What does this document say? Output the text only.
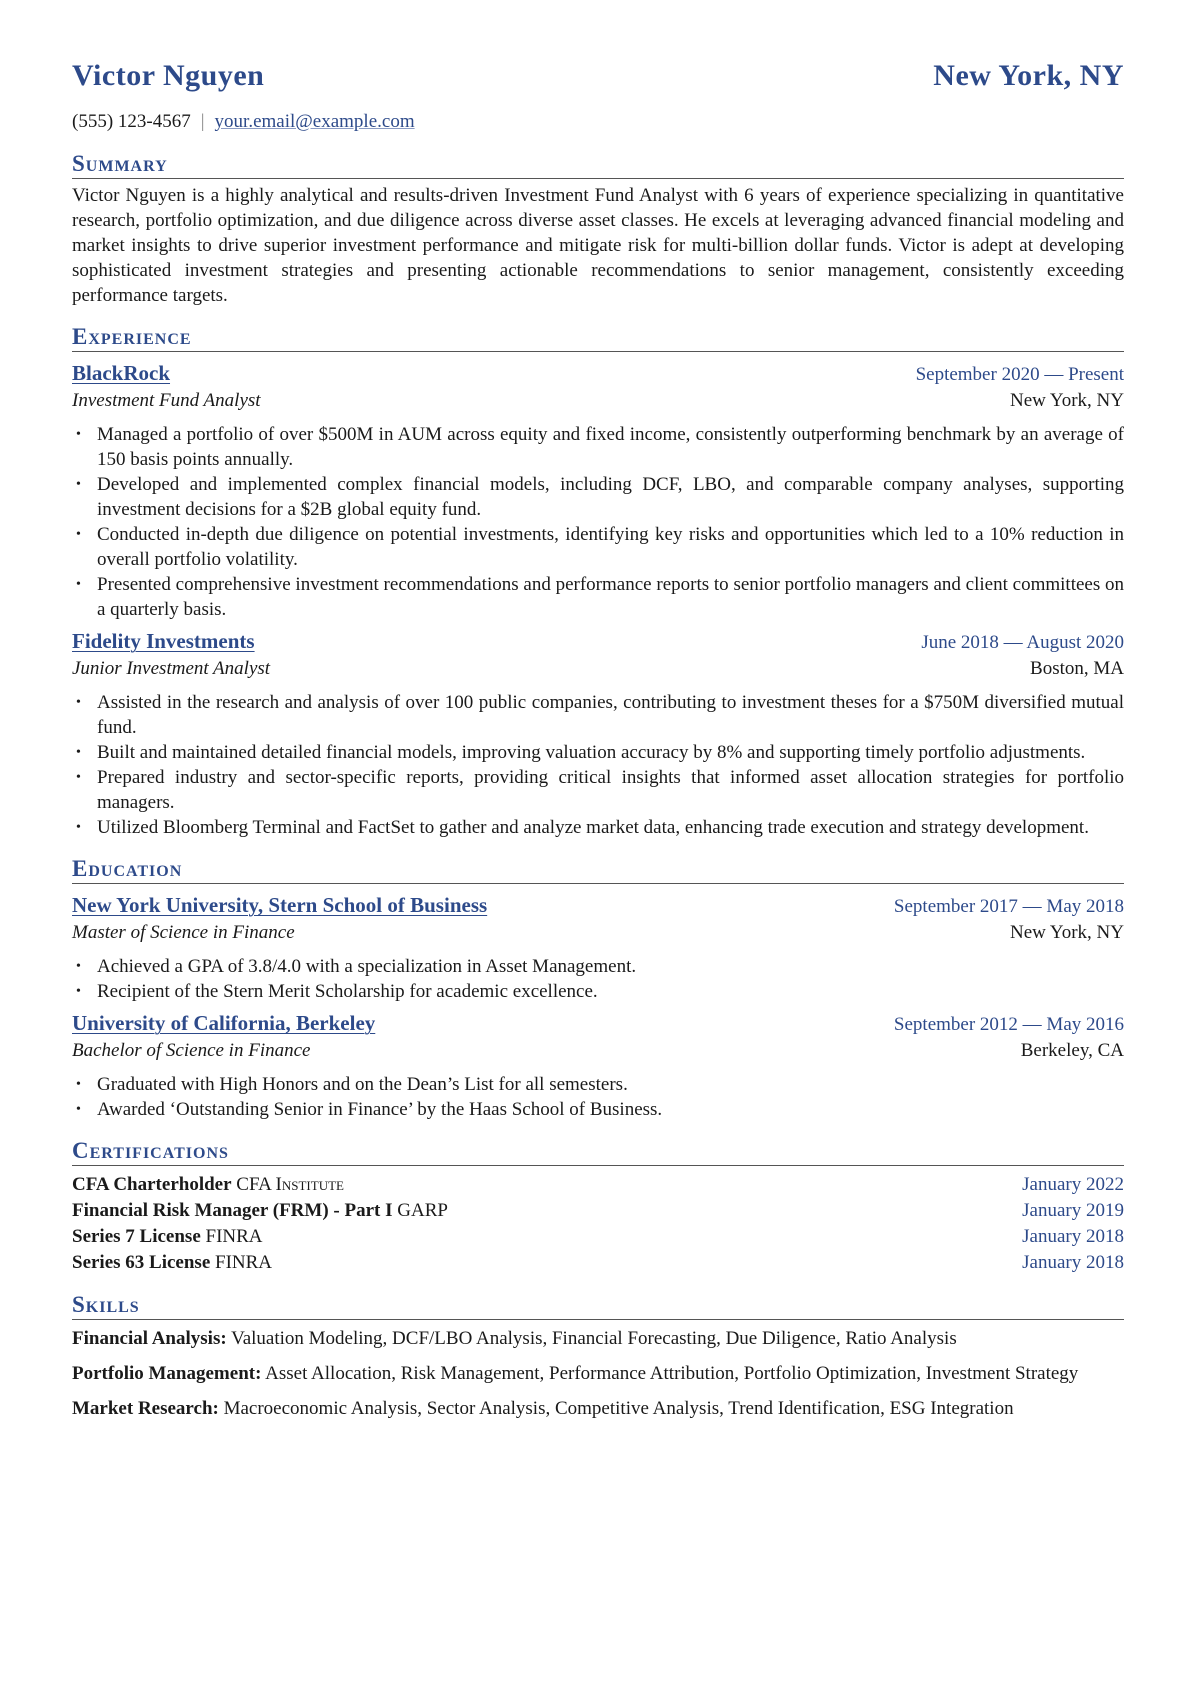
Victor Nguyen	New York, NY
(555) 123-4567 | your.email@example.com
Summary

Victor Nguyen is a highly analytical and results-driven Investment Fund Analyst with 6 years of experience specializing in quantitative research, portfolio optimization, and due diligence across diverse asset classes. He excels at leveraging advanced financial modeling and market insights to drive superior investment performance and mitigate risk for multi-billion dollar funds. Victor is adept at developing sophisticated investment strategies and presenting actionable recommendations to senior management, consistently exceeding performance targets.

Experience
BlackRock	September 2020 — Present
Investment Fund Analyst	New York, NY
• Managed a portfolio of over $500M in AUM across equity and fixed income, consistently outperforming benchmark by an average of 150 basis points annually.
• Developed and implemented complex financial models, including DCF, LBO, and comparable company analyses, supporting investment decisions for a $2B global equity fund.
• Conducted in-depth due diligence on potential investments, identifying key risks and opportunities which led to a 10% reduction in overall portfolio volatility.
• Presented comprehensive investment recommendations and performance reports to senior portfolio managers and client committees on a quarterly basis.
Fidelity Investments	June 2018 — August 2020
Junior Investment Analyst	Boston, MA
• Assisted in the research and analysis of over 100 public companies, contributing to investment theses for a $750M diversified mutual fund.
• Built and maintained detailed financial models, improving valuation accuracy by 8% and supporting timely portfolio adjustments.
• Prepared industry and sector-specific reports, providing critical insights that informed asset allocation strategies for portfolio managers.
• Utilized Bloomberg Terminal and FactSet to gather and analyze market data, enhancing trade execution and strategy development.
Education
New York University, Stern School of Business	September 2017 — May 2018
Master of Science in Finance	New York, NY
• Achieved a GPA of 3.8/4.0 with a specialization in Asset Management.
• Recipient of the Stern Merit Scholarship for academic excellence.
University of California, Berkeley	September 2012 — May 2016
Bachelor of Science in Finance	Berkeley, CA
• Graduated with High Honors and on the Dean’s List for all semesters.
• Awarded ‘Outstanding Senior in Finance’ by the Haas School of Business.
Certifications
CFA Charterholder CFA Institute	January 2022
Financial Risk Manager (FRM) - Part I GARP	January 2019
Series 7 License FINRA	January 2018
Series 63 License FINRA	January 2018
Skills

Financial Analysis: Valuation Modeling, DCF/LBO Analysis, Financial Forecasting, Due Diligence, Ratio Analysis

Portfolio Management: Asset Allocation, Risk Management, Performance Attribution, Portfolio Optimization, Investment Strategy

Market Research: Macroeconomic Analysis, Sector Analysis, Competitive Analysis, Trend Identification, ESG Integration
